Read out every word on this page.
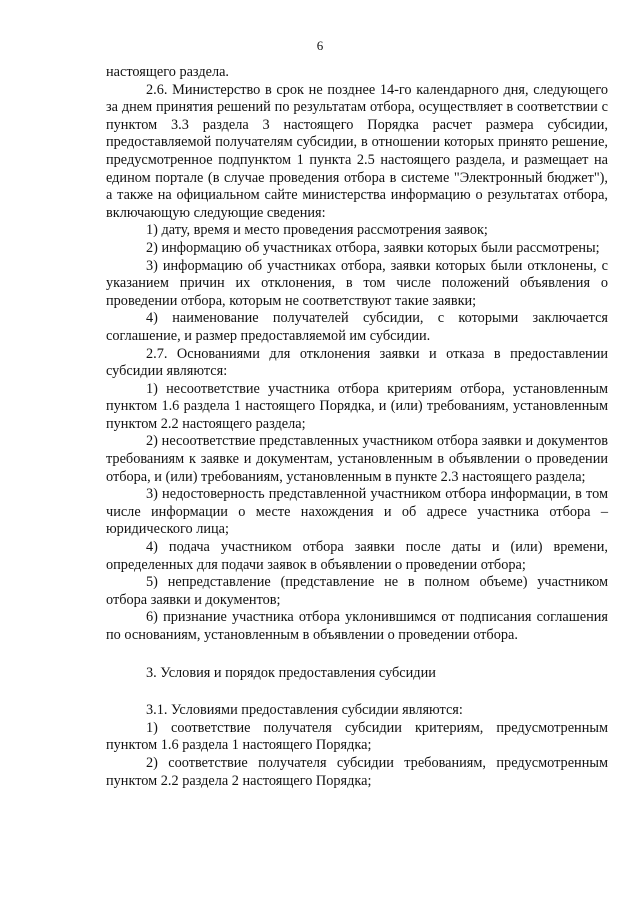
6

настоящего раздела.

2.6. Министерство в срок не позднее 14-го календарного дня, следующего за днем принятия решений по результатам отбора, осуществляет в соответствии с пунктом 3.3 раздела 3 настоящего Порядка расчет размера субсидии, предоставляемой получателям субсидии, в отношении которых принято решение, предусмотренное подпунктом 1 пункта 2.5 настоящего раздела, и размещает на едином портале (в случае проведения отбора в системе "Электронный бюджет"), а также на официальном сайте министерства информацию о результатах отбора, включающую следующие сведения:

1) дату, время и место проведения рассмотрения заявок;

2) информацию об участниках отбора, заявки которых были рассмотрены;

3) информацию об участниках отбора, заявки которых были отклонены, с указанием причин их отклонения, в том числе положений объявления о проведении отбора, которым не соответствуют такие заявки;

4) наименование получателей субсидии, с которыми заключается соглашение, и размер предоставляемой им субсидии.

2.7. Основаниями для отклонения заявки и отказа в предоставлении субсидии являются:

1) несоответствие участника отбора критериям отбора, установленным пунктом 1.6 раздела 1 настоящего Порядка, и (или) требованиям, установленным пунктом 2.2 настоящего раздела;

2) несоответствие представленных участником отбора заявки и документов требованиям к заявке и документам, установленным в объявлении о проведении отбора, и (или) требованиям, установленным в пункте 2.3 настоящего раздела;

3) недостоверность представленной участником отбора информации, в том числе информации о месте нахождения и об адресе участника отбора – юридического лица;

4) подача участником отбора заявки после даты и (или) времени, определенных для подачи заявок в объявлении о проведении отбора;

5) непредставление (представление не в полном объеме) участником отбора заявки и документов;

6) признание участника отбора уклонившимся от подписания соглашения по основаниям, установленным в объявлении о проведении отбора.

3. Условия и порядок предоставления субсидии

3.1. Условиями предоставления субсидии являются:

1) соответствие получателя субсидии критериям, предусмотренным пунктом 1.6 раздела 1 настоящего Порядка;

2) соответствие получателя субсидии требованиям, предусмотренным пунктом 2.2 раздела 2 настоящего Порядка;
